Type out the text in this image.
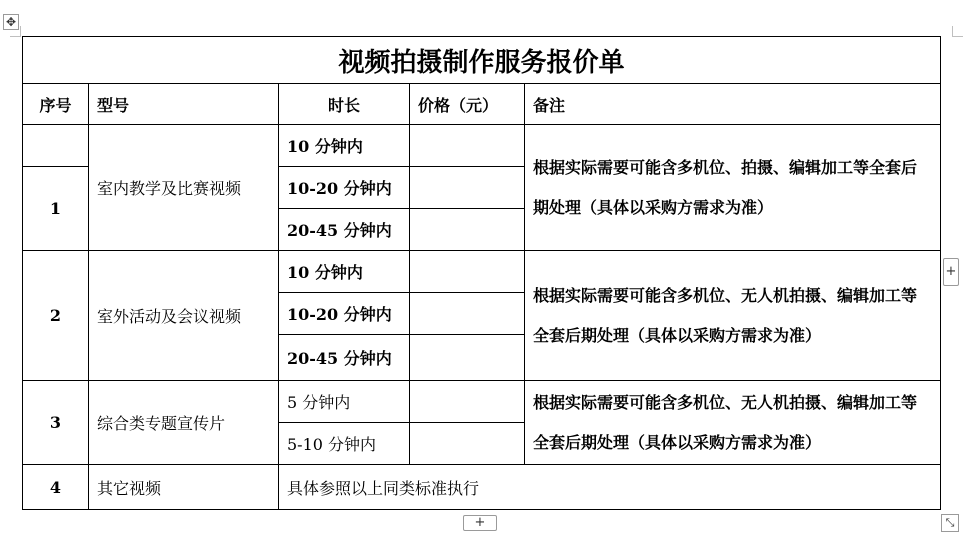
✥
视频拍摄制作服务报价单				
序号	型号	时长	价格（元）	备注
	室内教学及比赛视频	10 分钟内		根据实际需要可能含多机位、拍摄、编辑加工等全套后期处理（具体以采购方需求为准）
1		10-20 分钟内		
		20-45 分钟内		
2	室外活动及会议视频	10 分钟内		根据实际需要可能含多机位、无人机拍摄、编辑加工等全套后期处理（具体以采购方需求为准）
		10-20 分钟内		
		20-45 分钟内		
3	综合类专题宣传片	5 分钟内		根据实际需要可能含多机位、无人机拍摄、编辑加工等全套后期处理（具体以采购方需求为准）
		5-10 分钟内		
4	其它视频	具体参照以上同类标准执行		
+
+	⤡
